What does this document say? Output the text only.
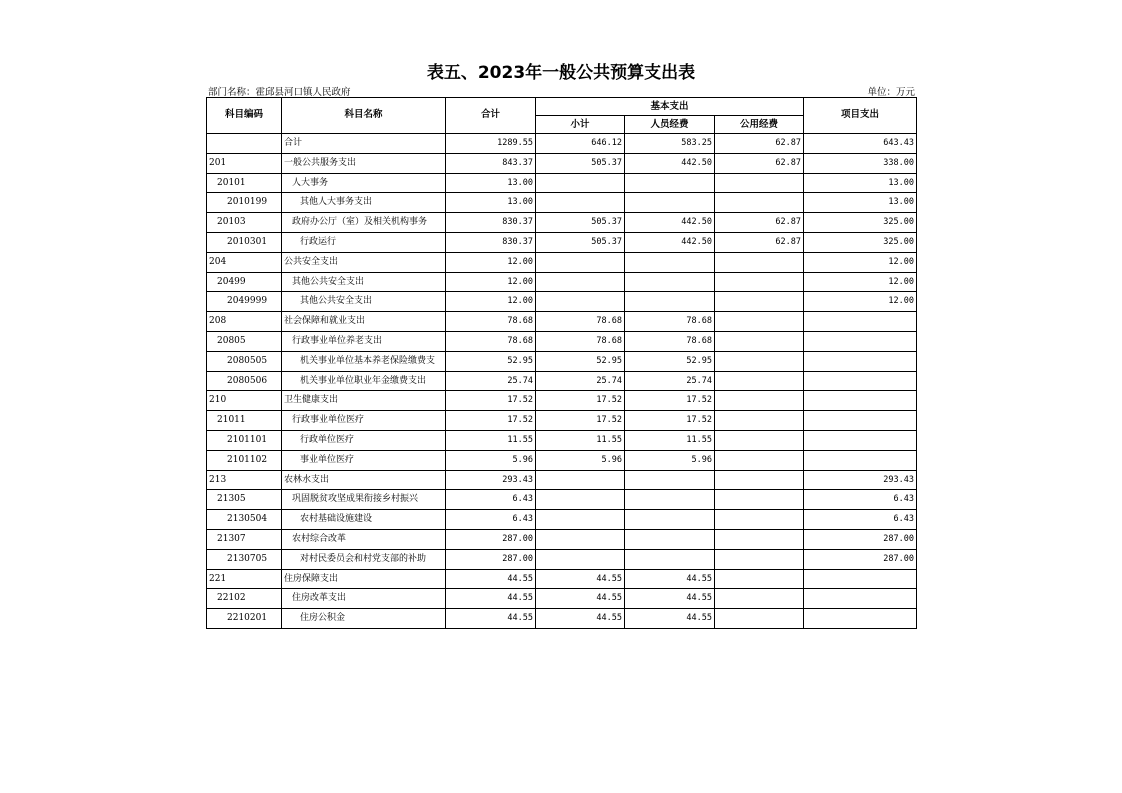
表五、2023年一般公共预算支出表
部门名称：霍邱县河口镇人民政府	单位：万元
科目编码	科目名称	合计	基本支出			项目支出
			小计	人员经费	公用经费	
	合计	1289.55	646.12	583.25	62.87	643.43
201	一般公共服务支出	843.37	505.37	442.50	62.87	338.00
20101	人大事务	13.00				13.00
2010199	其他人大事务支出	13.00				13.00
20103	政府办公厅（室）及相关机构事务	830.37	505.37	442.50	62.87	325.00
2010301	行政运行	830.37	505.37	442.50	62.87	325.00
204	公共安全支出	12.00				12.00
20499	其他公共安全支出	12.00				12.00
2049999	其他公共安全支出	12.00				12.00
208	社会保障和就业支出	78.68	78.68	78.68		
20805	行政事业单位养老支出	78.68	78.68	78.68		
2080505	机关事业单位基本养老保险缴费支	52.95	52.95	52.95		
2080506	机关事业单位职业年金缴费支出	25.74	25.74	25.74		
210	卫生健康支出	17.52	17.52	17.52		
21011	行政事业单位医疗	17.52	17.52	17.52		
2101101	行政单位医疗	11.55	11.55	11.55		
2101102	事业单位医疗	5.96	5.96	5.96		
213	农林水支出	293.43				293.43
21305	巩固脱贫攻坚成果衔接乡村振兴	6.43				6.43
2130504	农村基础设施建设	6.43				6.43
21307	农村综合改革	287.00				287.00
2130705	对村民委员会和村党支部的补助	287.00				287.00
221	住房保障支出	44.55	44.55	44.55		
22102	住房改革支出	44.55	44.55	44.55		
2210201	住房公积金	44.55	44.55	44.55		
